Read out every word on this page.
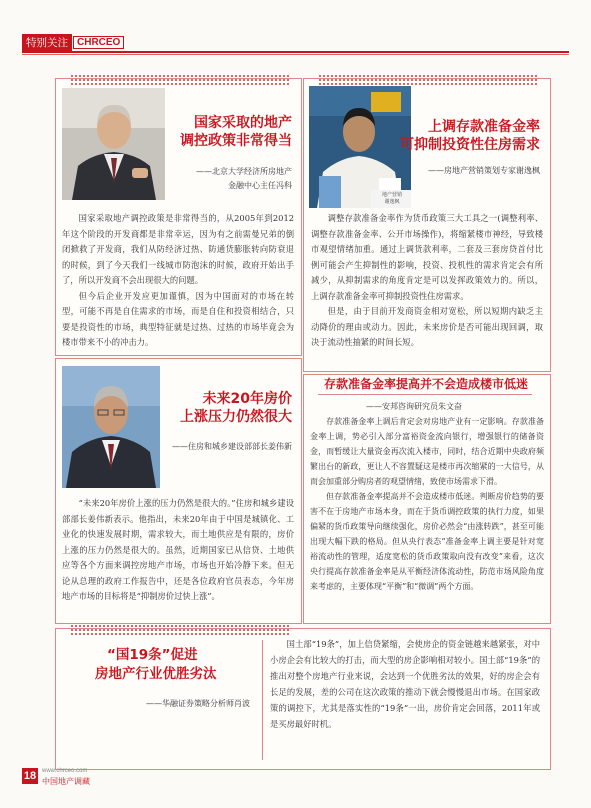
特别关注 CHRCEO
国家采取的地产
调控政策非常得当
——北京大学经济所房地产
金融中心主任冯科

国家采取地产调控政策是非常得当的，从2005年到2012年这个阶段的开发商都是非常幸运，因为有之前需曼兄弟的倒闭掀救了开发商，我们从防经济过热、防通货膨胀转向防衰退的时候，到了今天我们一线城市防泡沫的时候，政府开始出手了，所以开发商不会出现很大的问题。

但今后企业开发应更加谨慎，因为中国面对的市场在转型，可能不再是自住需求的市场，而是自住和投资相结合，只要是投资性的市场，典型特征就是过热、过热的市场毕竟会为楼市带来不小的冲击力。

地产营销
谢逸枫
上调存款准备金率
可抑制投资性住房需求
——房地产营销策划专家谢逸枫

调整存款准备金率作为货币政策三大工具之一(调整利率、调整存款准备金率、公开市场操作)，将缩紧楼市神经，导致楼市观望情绪加重。通过上调货款利率，二套及三套房贷首付比例可能会产生抑制性的影响，投资、投机性的需求肯定会有所减少，从抑制需求的角度肯定是可以发挥政策效力的。所以，上调存款准备金率可抑制投资性住房需求。

但是，由于目前开发商资金相对宽松，所以短期内缺乏主动降价的理由或动力。因此，未来房价是否可能出现回调，取决于流动性抽紧的时间长短。

未来20年房价
上涨压力仍然很大
——住房和城乡建设部部长姜伟新

“未来20年房价上涨的压力仍然是很大的。”住房和城乡建设部部长姜伟新表示。他指出，未来20年由于中国是城镇化、工业化的快速发展时期，需求较大，而土地供应是有限的，房价上涨的压力仍然是很大的。虽然，近期国家已从信贷、土地供应等各个方面来调控房地产市场，市场也开始冷静下来。但无论从总理的政府工作报告中，还是各位政府官员表态，今年房地产市场的目标将是“抑制房价过快上涨”。

存款准备金率提高并不会造成楼市低迷
——安邦咨询研究员朱文奋

存款准备金率上调后肯定会对房地产业有一定影响。存款准备金率上调，势必引入部分富裕资金流向银行，增强银行的储备资金，而暂缓让大量资金再次流入楼市，同时，结合近期中央政府频繁出台的新政，更让人不容置疑这是楼市再次缩紧的一大信号，从而会加重部分购房者的观望情绪，致使市场需求下滑。

但存款准备金率提高并不会造成楼市低迷。判断房价趋势的要害不在于房地产市场本身，而在于货币调控政策的执行力度，如果偏紧的货币政策导向继续强化，房价必然会“由涨转跌”，甚至可能出现大幅下跌的格局。但从央行表态“准备金率上调主要是针对宽裕流动性的管理，适度宽松的货币政策取向没有改变”来看，这次央行提高存款准备金率是从平衡经济体流动性，防范市场风险角度来考虑的，主要体现“平衡”和“微调”两个方面。

“国19条”促进
房地产行业优胜劣汰
——华融证券策略分析师肖波

国土部“19条”，加上信贷紧缩，会使房企的资金链越来越紧张，对中小房企会有比较大的打击，而大型的房企影响相对较小。国土部“19条”的推出对整个房地产行业来说，会达到一个优胜劣汰的效果，好的房企会有长足的发展，差的公司在这次政策的推动下就会慢慢退出市场。在国家政策的调控下，尤其是落实性的“19条”一出，房价肯定会回落，2011年或是买房最好时机。

18 www.chrceo.com
中国地产调藏
